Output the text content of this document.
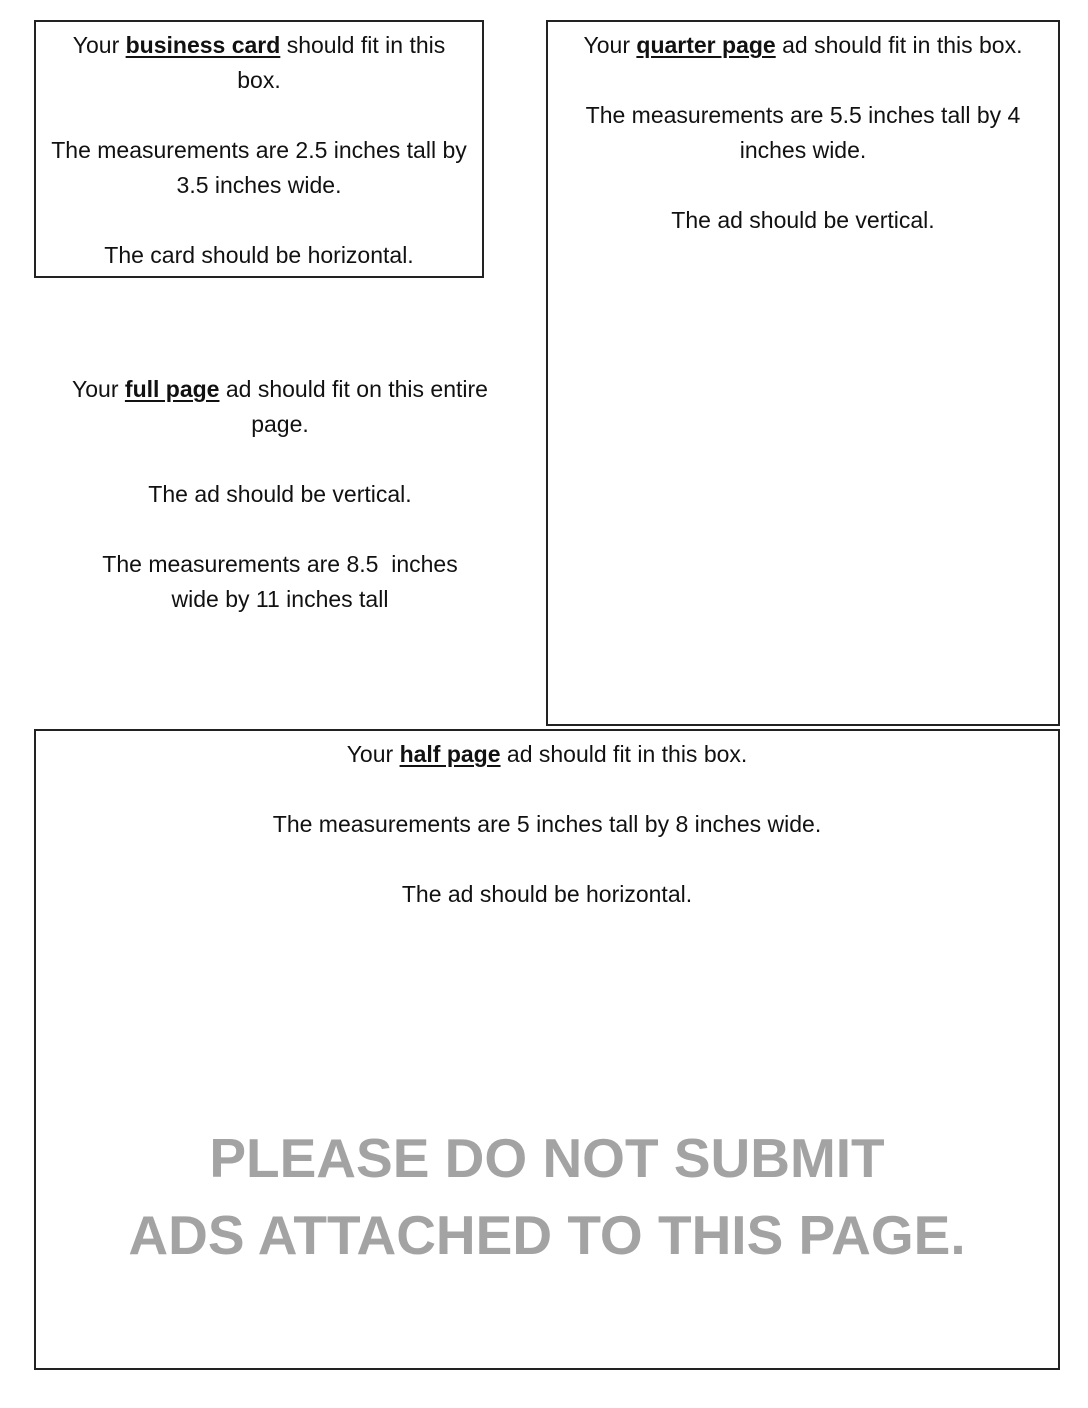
Your business card should fit in this box.

The measurements are 2.5 inches tall by 3.5 inches wide.

The card should be horizontal.

Your quarter page ad should fit in this box.

The measurements are 5.5 inches tall by 4 inches wide.

The ad should be vertical.

Your full page ad should fit on this entire page.

The ad should be vertical.

The measurements are 8.5  inches wide by 11 inches tall

Your half page ad should fit in this box.

The measurements are 5 inches tall by 8 inches wide.

The ad should be horizontal.

PLEASE DO NOT SUBMIT
ADS ATTACHED TO THIS PAGE.
